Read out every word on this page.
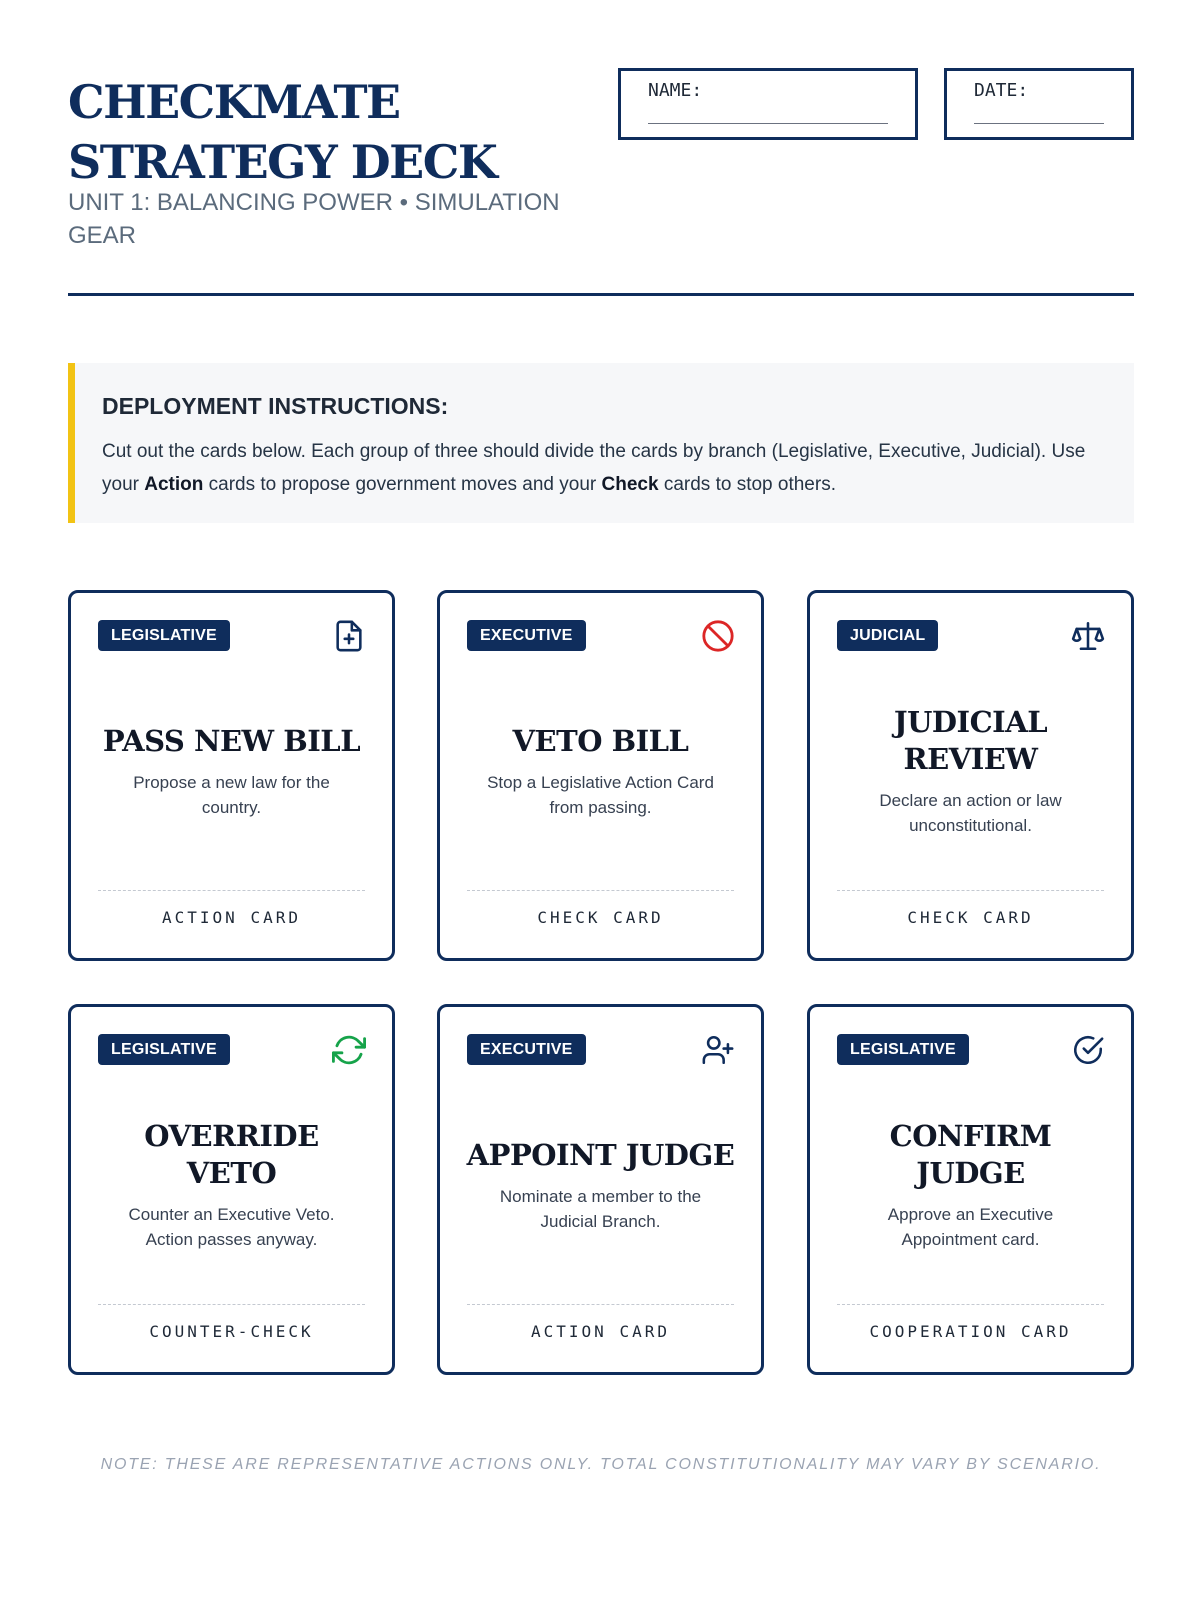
CHECKMATE
STRATEGY DECK

UNIT 1: BALANCING POWER • SIMULATION GEAR

NAME:	DATE:
DEPLOYMENT INSTRUCTIONS:

Cut out the cards below. Each group of three should divide the cards by branch (Legislative, Executive, Judicial). Use your Action cards to propose government moves and your Check cards to stop others.

LEGISLATIVE
PASS NEW BILL

Propose a new law for the country.

ACTION CARD
EXECUTIVE
VETO BILL

Stop a Legislative Action Card from passing.

CHECK CARD
JUDICIAL
JUDICIAL REVIEW

Declare an action or law unconstitutional.

CHECK CARD
LEGISLATIVE
OVERRIDE VETO

Counter an Executive Veto. Action passes anyway.

COUNTER-CHECK
EXECUTIVE
APPOINT JUDGE

Nominate a member to the Judicial Branch.

ACTION CARD
LEGISLATIVE
CONFIRM JUDGE

Approve an Executive Appointment card.

COOPERATION CARD

NOTE: THESE ARE REPRESENTATIVE ACTIONS ONLY. TOTAL CONSTITUTIONALITY MAY VARY BY SCENARIO.
